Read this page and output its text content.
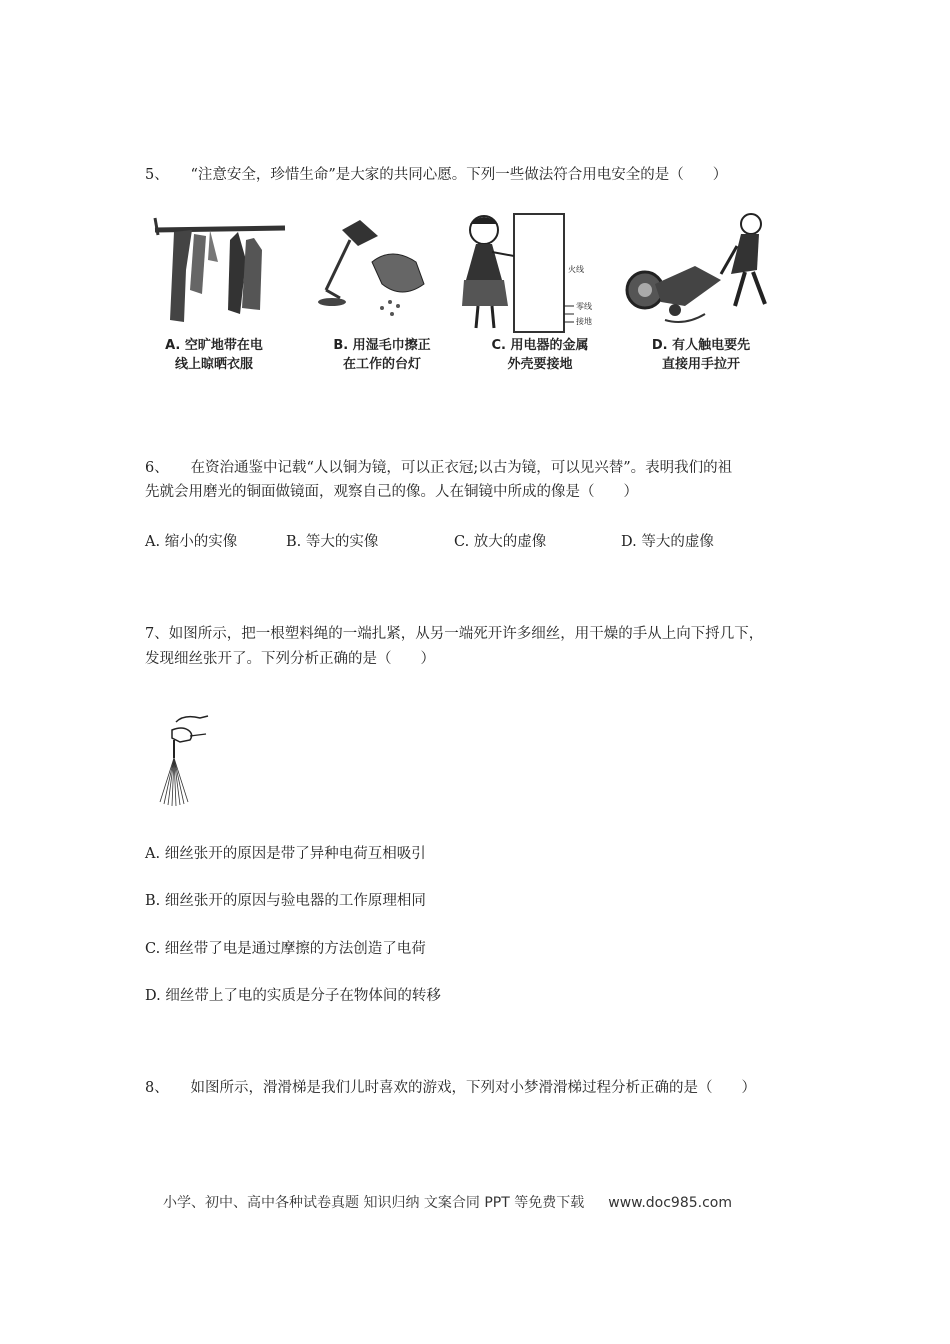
5、　　“注意安全，珍惜生命”是大家的共同心愿。下列一些做法符合用电安全的是（　　）
A. 空旷地带在电
线上晾晒衣服
B. 用湿毛巾擦正
在工作的台灯
火线
零线
接地
C. 用电器的金属
外壳要接地
D. 有人触电要先
直接用手拉开
6、　　在资治通鉴中记载“人以铜为镜，可以正衣冠;以古为镜，可以见兴替”。表明我们的祖
先就会用磨光的铜面做镜面，观察自己的像。人在铜镜中所成的像是（　　）
A. 缩小的实像	B. 等大的实像	C. 放大的虚像	D. 等大的虚像
7、如图所示，把一根塑料绳的一端扎紧，从另一端死开许多细丝，用干燥的手从上向下捋几下，
发现细丝张开了。下列分析正确的是（　　）
A. 细丝张开的原因是带了异种电荷互相吸引
B. 细丝张开的原因与验电器的工作原理相同
C. 细丝带了电是通过摩擦的方法创造了电荷
D. 细丝带上了电的实质是分子在物体间的转移
8、　　如图所示，滑滑梯是我们儿时喜欢的游戏，下列对小梦滑滑梯过程分析正确的是（　　）
小学、初中、高中各种试卷真题 知识归纳 文案合同 PPT 等免费下载 www.doc985.com
